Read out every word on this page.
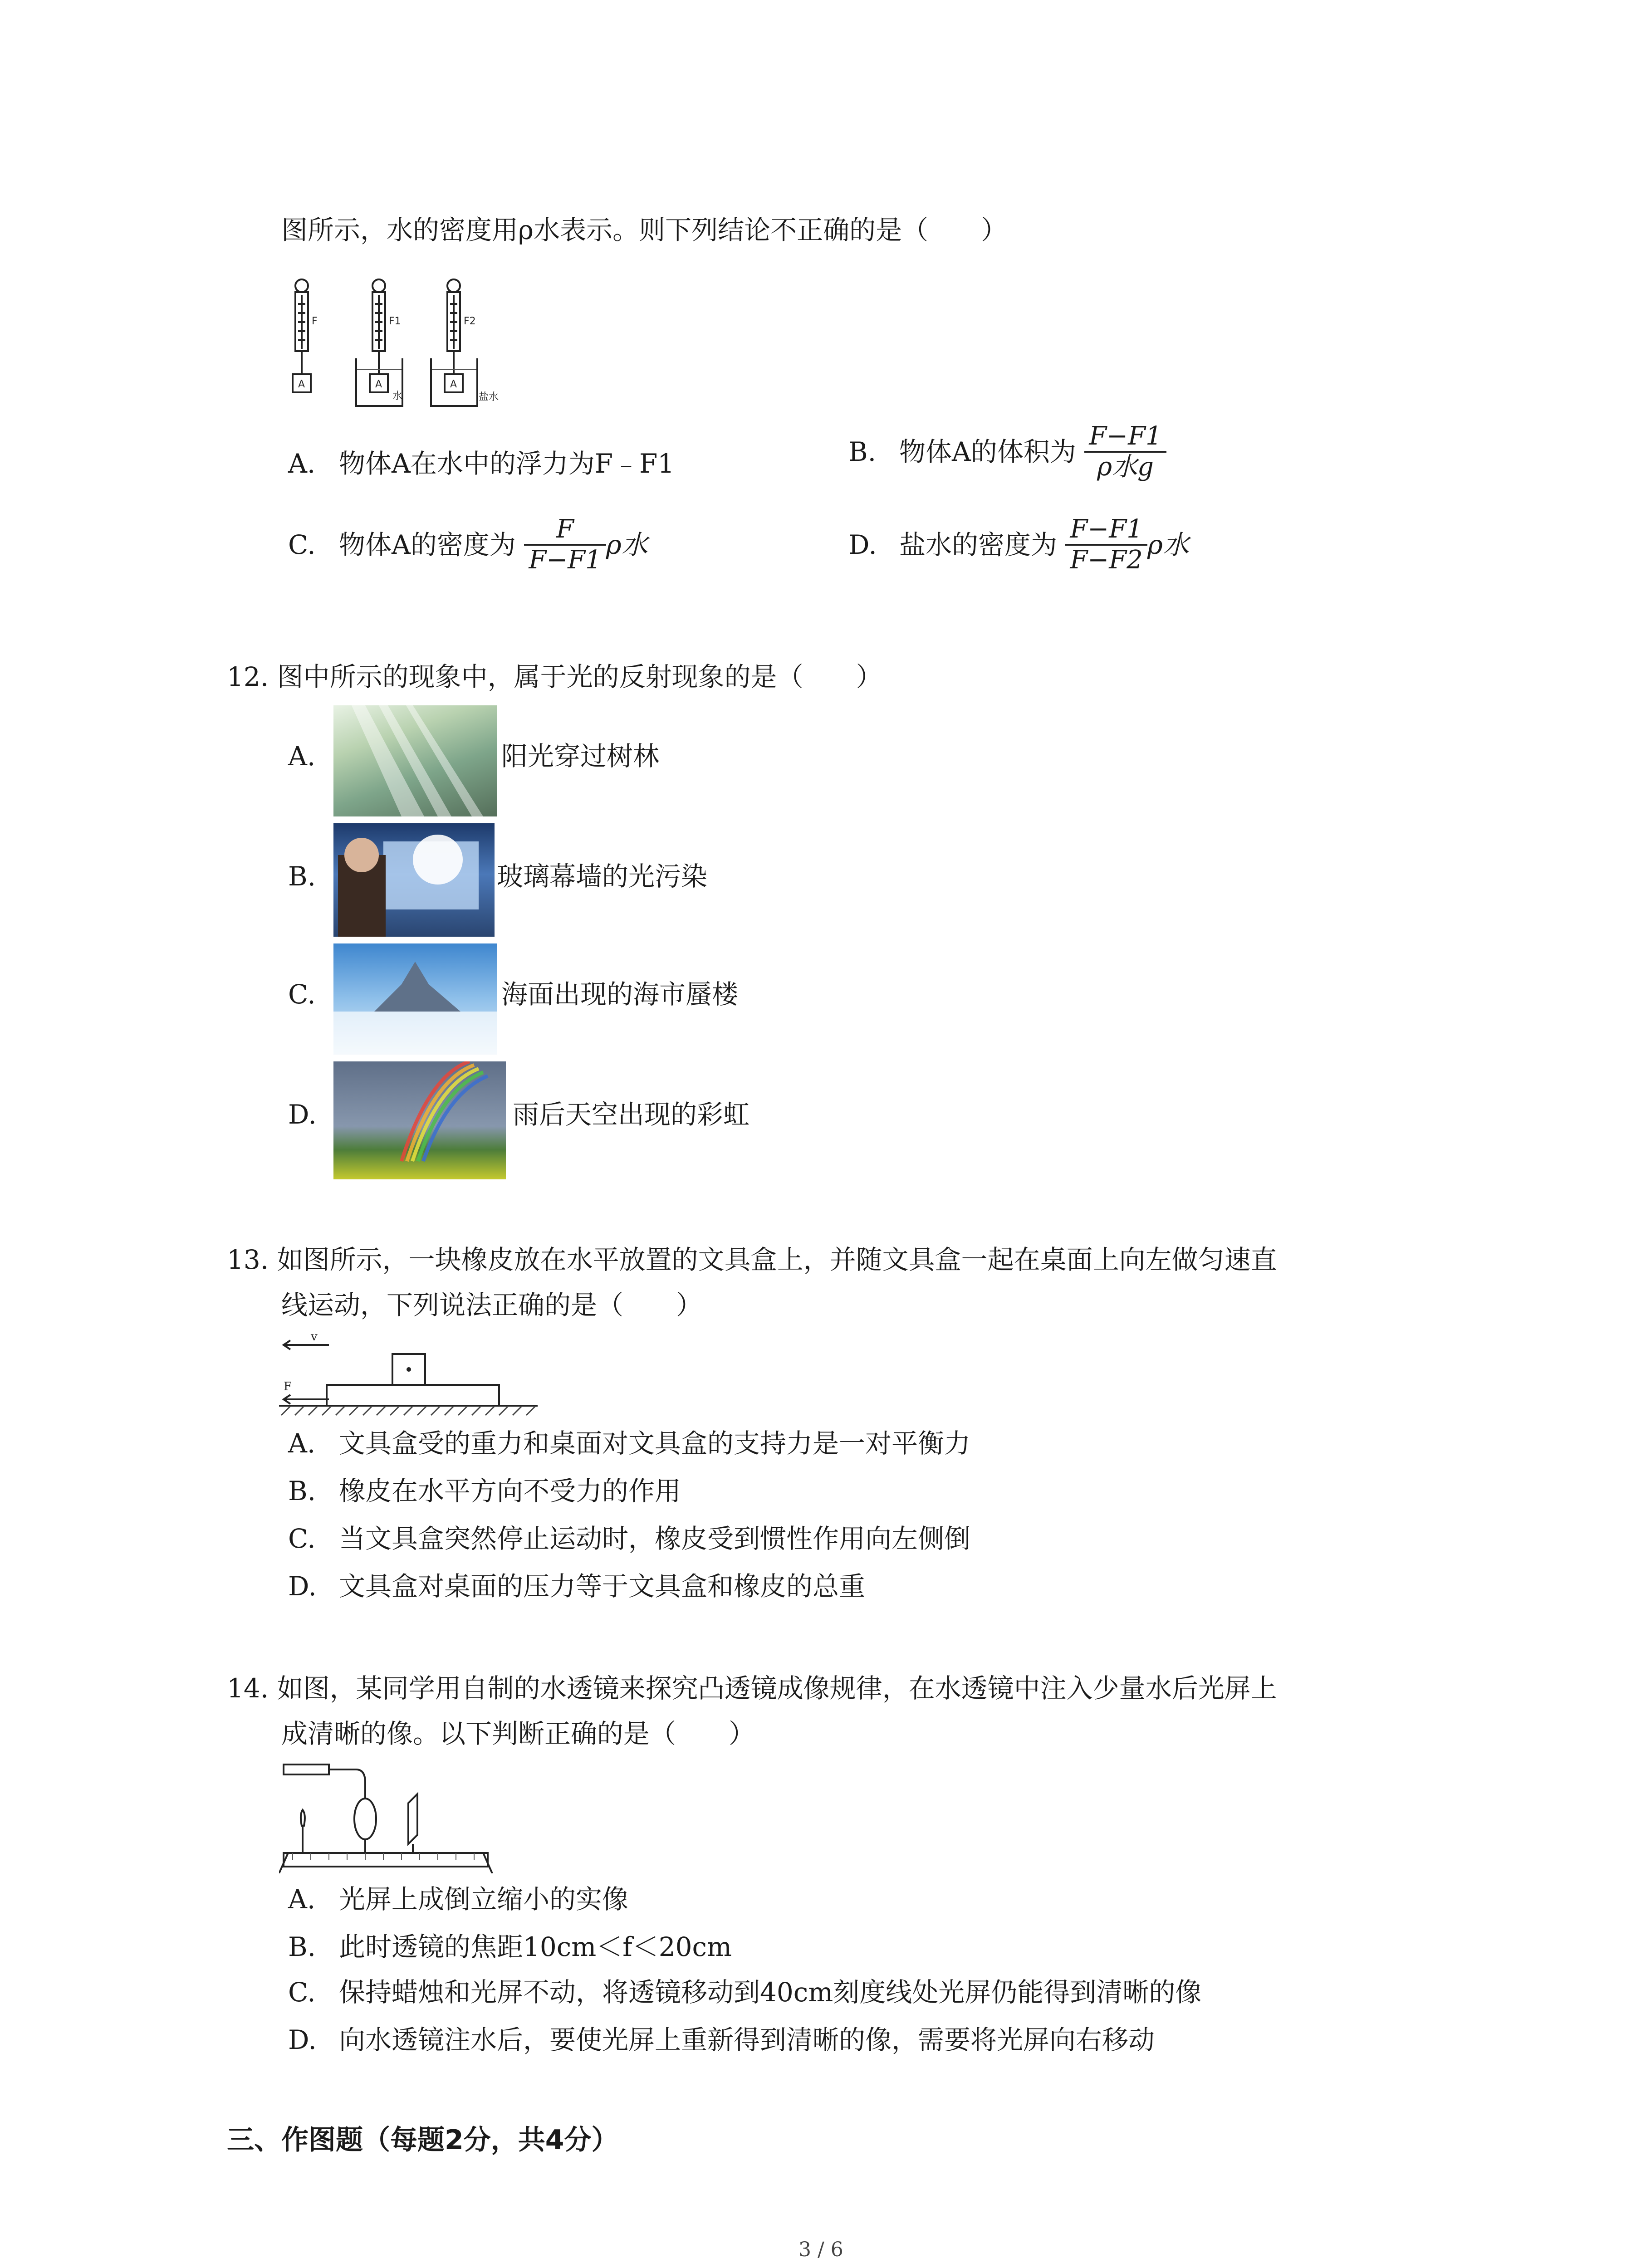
图所示，水的密度用ρ水表示。则下列结论不正确的是（　　）
F	F1	F2
A	A	A
水	盐水
A. 物体A在水中的浮力为F﹣F1	B. 物体A的体积为 $\frac{F-F1}{\text{ρ水g}}$
C. 物体A的密度为 $\frac{F}{F-F1}$ ρ水	D. 盐水的密度为 $\frac{F-F1}{F-F2}$ ρ水
12. 图中所示的现象中，属于光的反射现象的是（　　）
A.	阳光穿过树林
B.	玻璃幕墙的光污染
C.	海面出现的海市蜃楼
D.	雨后天空出现的彩虹
13. 如图所示，一块橡皮放在水平放置的文具盒上，并随文具盒一起在桌面上向左做匀速直
线运动，下列说法正确的是（　　）
v
F
A. 文具盒受的重力和桌面对文具盒的支持力是一对平衡力
B. 橡皮在水平方向不受力的作用
C. 当文具盒突然停止运动时，橡皮受到惯性作用向左侧倒
D. 文具盒对桌面的压力等于文具盒和橡皮的总重
14. 如图，某同学用自制的水透镜来探究凸透镜成像规律，在水透镜中注入少量水后光屏上
成清晰的像。以下判断正确的是（　　）
A. 光屏上成倒立缩小的实像
B. 此时透镜的焦距10cm＜f＜20cm
C. 保持蜡烛和光屏不动，将透镜移动到40cm刻度线处光屏仍能得到清晰的像
D. 向水透镜注水后，要使光屏上重新得到清晰的像，需要将光屏向右移动
三、作图题（每题2分，共4分）
3 / 6
